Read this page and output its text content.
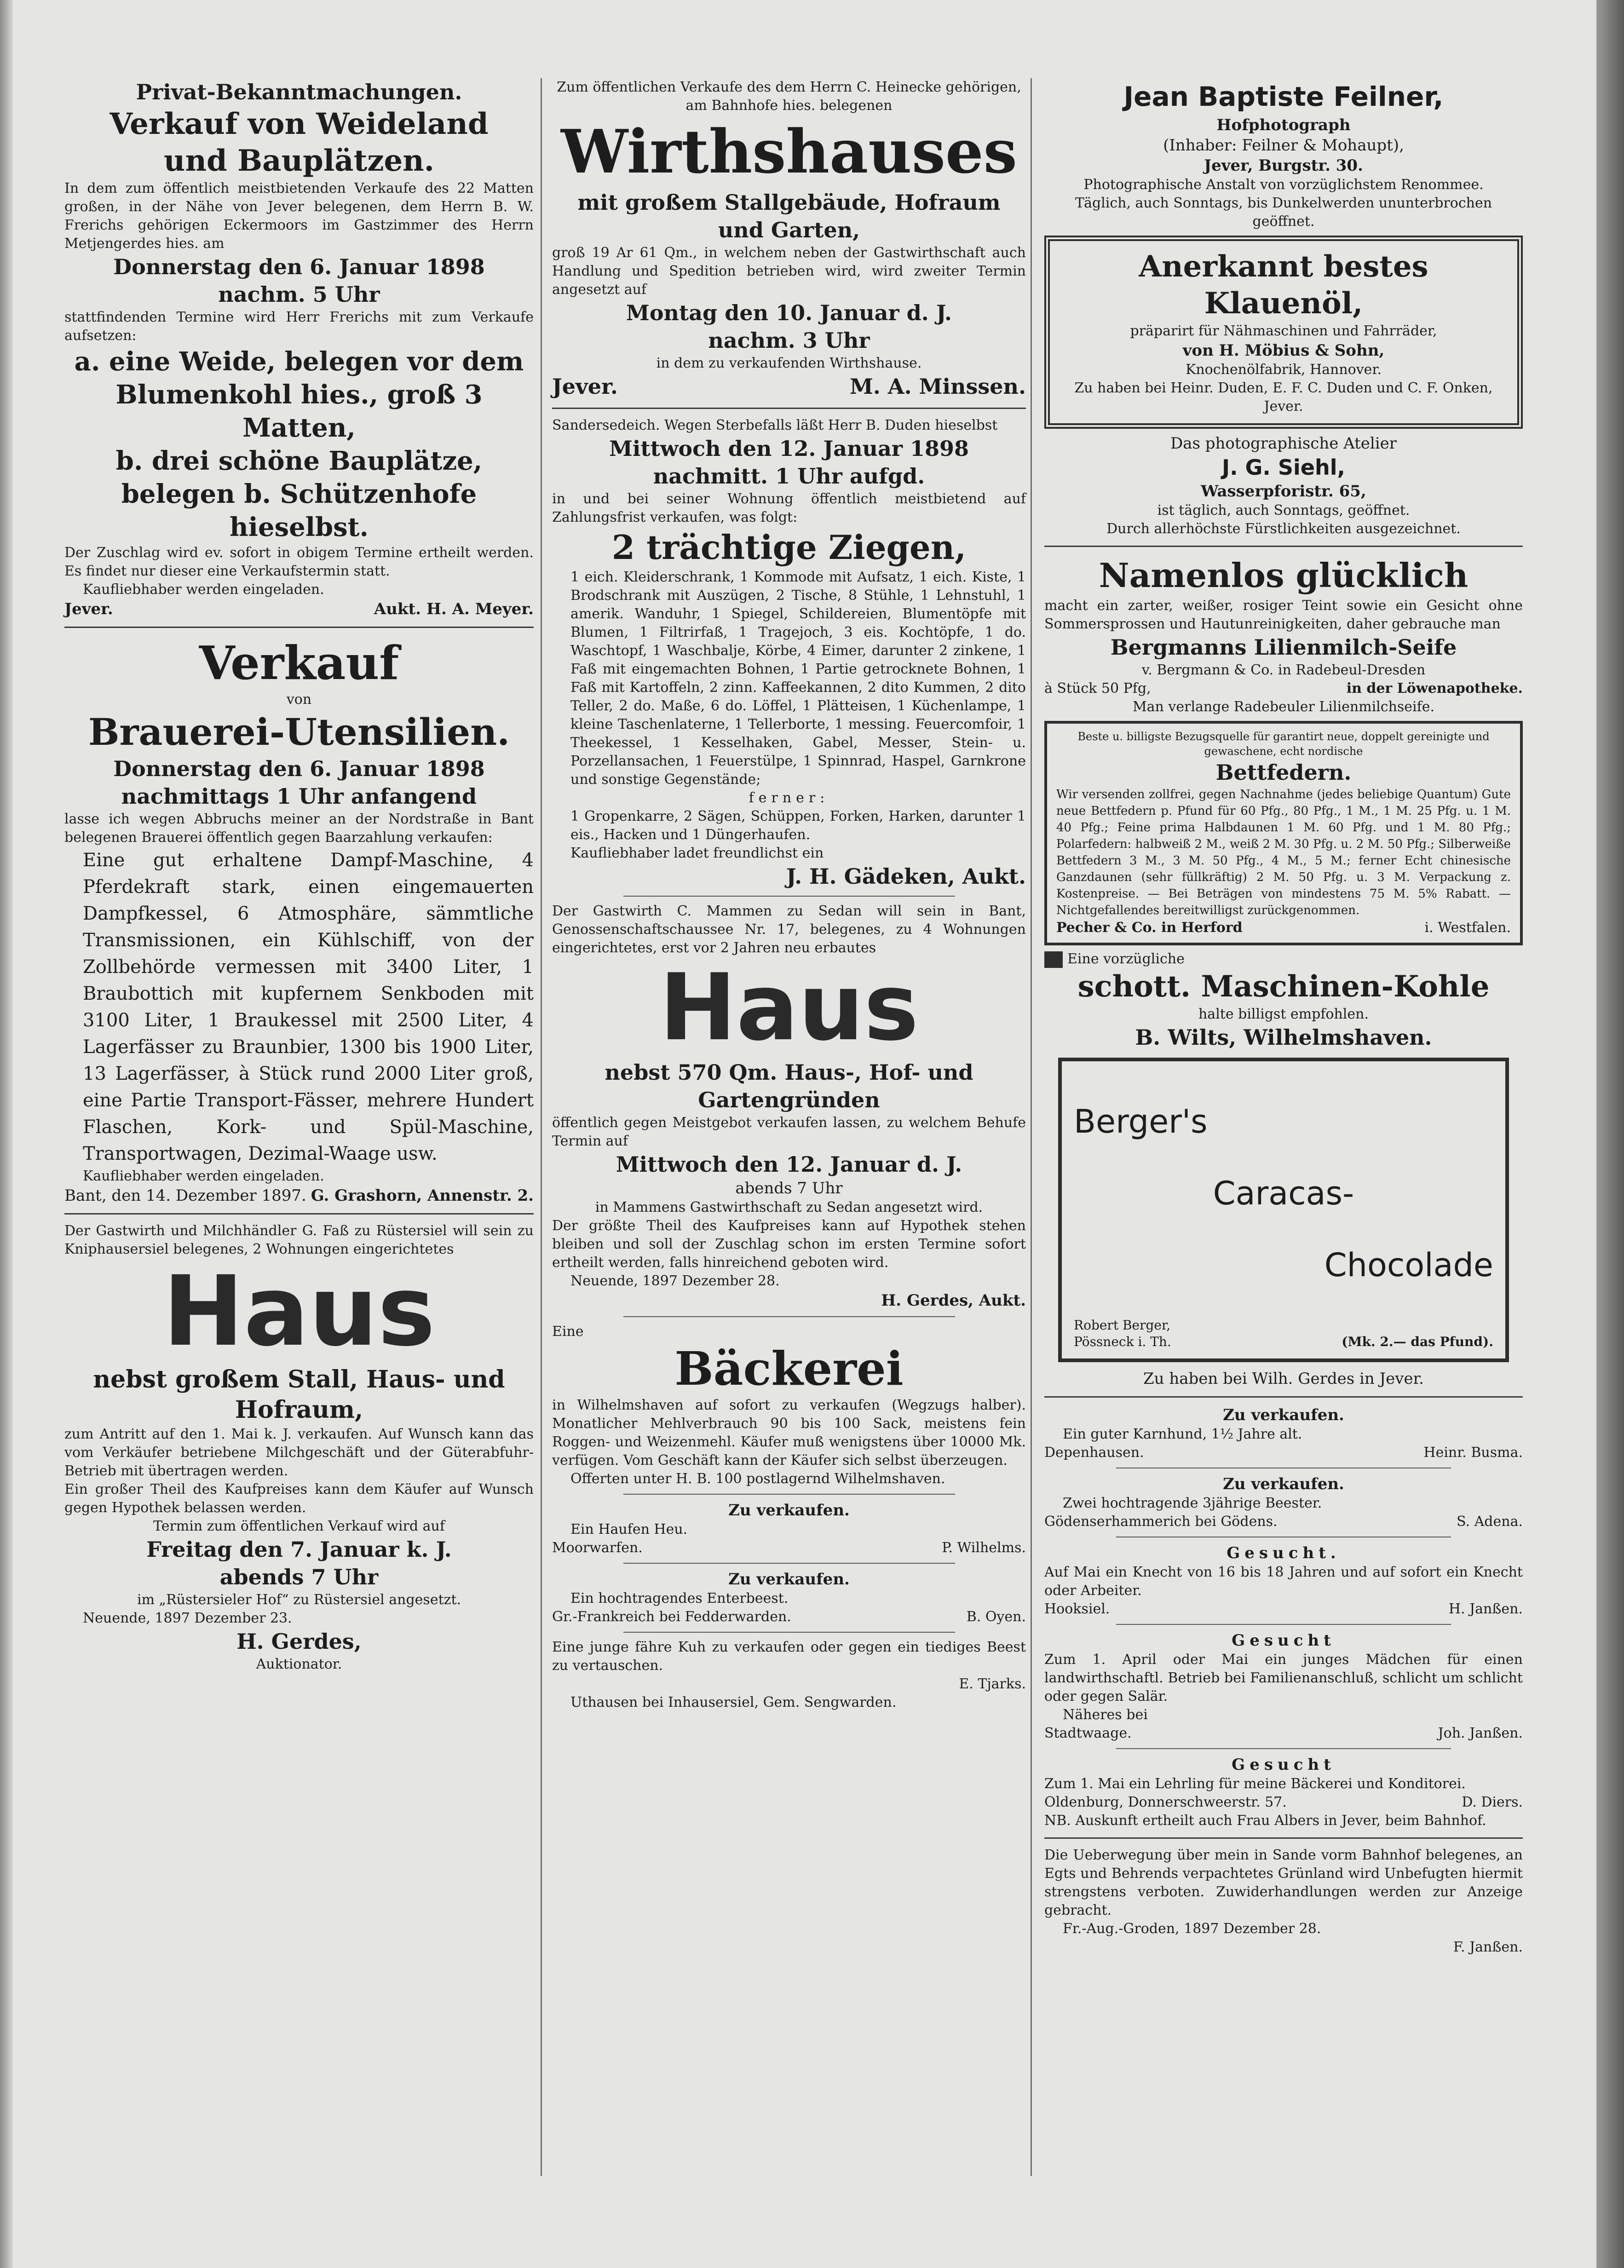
Privat-Bekanntmachungen.

Verkauf von Weideland

und Bauplätzen.

In dem zum öffentlich meistbietenden Verkaufe des 22 Matten großen, in der Nähe von Jever belegenen, dem Herrn B. W. Frerichs gehörigen Eckermoors im Gastzimmer des Herrn Metjengerdes hies. am

Donnerstag den 6. Januar 1898

nachm. 5 Uhr

stattfindenden Termine wird Herr Frerichs mit zum Verkaufe aufsetzen:

a. eine Weide, belegen vor dem Blumenkohl hies., groß 3 Matten,

b. drei schöne Bauplätze, belegen b. Schützenhofe hieselbst.

Der Zuschlag wird ev. sofort in obigem Termine ertheilt werden. Es findet nur dieser eine Verkaufstermin statt.

Kaufliebhaber werden eingeladen.

Jever.	Aukt. H. A. Meyer.

Verkauf

von

Brauerei-Utensilien.

Donnerstag den 6. Januar 1898

nachmittags 1 Uhr anfangend

lasse ich wegen Abbruchs meiner an der Nordstraße in Bant belegenen Brauerei öffentlich gegen Baarzahlung verkaufen:

Eine gut erhaltene Dampf-Maschine, 4 Pferdekraft stark, einen eingemauerten Dampfkessel, 6 Atmosphäre, sämmtliche Transmissionen, ein Kühlschiff, von der Zollbehörde vermessen mit 3400 Liter, 1 Braubottich mit kupfernem Senkboden mit 3100 Liter, 1 Braukessel mit 2500 Liter, 4 Lagerfässer zu Braunbier, 1300 bis 1900 Liter, 13 Lagerfässer, à Stück rund 2000 Liter groß, eine Partie Transport-Fässer, mehrere Hundert Flaschen, Kork- und Spül-Maschine, Transportwagen, Dezimal-Waage usw.

Kaufliebhaber werden eingeladen.

Bant, den 14. Dezember 1897. G. Grashorn, Annenstr. 2.

Der Gastwirth und Milchhändler G. Faß zu Rüstersiel will sein zu Kniphausersiel belegenes, 2 Wohnungen eingerichtetes

Haus

nebst großem Stall, Haus- und

Hofraum,

zum Antritt auf den 1. Mai k. J. verkaufen. Auf Wunsch kann das vom Verkäufer betriebene Milchgeschäft und der Güterabfuhr-Betrieb mit übertragen werden.

Ein großer Theil des Kaufpreises kann dem Käufer auf Wunsch gegen Hypothek belassen werden.

Termin zum öffentlichen Verkauf wird auf

Freitag den 7. Januar k. J.

abends 7 Uhr

im „Rüstersieler Hof“ zu Rüstersiel angesetzt.

Neuende, 1897 Dezember 23.

H. Gerdes,

Auktionator.

Zum öffentlichen Verkaufe des dem Herrn C. Heinecke gehörigen, am Bahnhofe hies. belegenen

Wirthshauses

mit großem Stallgebäude, Hofraum und Garten,

groß 19 Ar 61 Qm., in welchem neben der Gastwirthschaft auch Handlung und Spedition betrieben wird, wird zweiter Termin angesetzt auf

Montag den 10. Januar d. J.

nachm. 3 Uhr

in dem zu verkaufenden Wirthshause.

Jever.	M. A. Minssen.

Sandersedeich. Wegen Sterbefalls läßt Herr B. Duden hieselbst

Mittwoch den 12. Januar 1898

nachmitt. 1 Uhr aufgd.

in und bei seiner Wohnung öffentlich meistbietend auf Zahlungsfrist verkaufen, was folgt:

2 trächtige Ziegen,

1 eich. Kleiderschrank, 1 Kommode mit Aufsatz, 1 eich. Kiste, 1 Brodschrank mit Auszügen, 2 Tische, 8 Stühle, 1 Lehnstuhl, 1 amerik. Wanduhr, 1 Spiegel, Schildereien, Blumentöpfe mit Blumen, 1 Filtrirfaß, 1 Tragejoch, 3 eis. Kochtöpfe, 1 do. Waschtopf, 1 Waschbalje, Körbe, 4 Eimer, darunter 2 zinkene, 1 Faß mit eingemachten Bohnen, 1 Partie getrocknete Bohnen, 1 Faß mit Kartoffeln, 2 zinn. Kaffeekannen, 2 dito Kummen, 2 dito Teller, 2 do. Maße, 6 do. Löffel, 1 Plätteisen, 1 Küchenlampe, 1 kleine Taschenlaterne, 1 Tellerborte, 1 messing. Feuercomfoir, 1 Theekessel, 1 Kesselhaken, Gabel, Messer, Stein- u. Porzellansachen, 1 Feuerstülpe, 1 Spinnrad, Haspel, Garnkrone und sonstige Gegenstände;

ferner:

1 Gropenkarre, 2 Sägen, Schüppen, Forken, Harken, darunter 1 eis., Hacken und 1 Düngerhaufen.

Kaufliebhaber ladet freundlichst ein

J. H. Gädeken, Aukt.

Der Gastwirth C. Mammen zu Sedan will sein in Bant, Genossenschaftschaussee Nr. 17, belegenes, zu 4 Wohnungen eingerichtetes, erst vor 2 Jahren neu erbautes

Haus

nebst 570 Qm. Haus-, Hof- und Gartengründen

öffentlich gegen Meistgebot verkaufen lassen, zu welchem Behufe Termin auf

Mittwoch den 12. Januar d. J.

abends 7 Uhr

in Mammens Gastwirthschaft zu Sedan angesetzt wird.

Der größte Theil des Kaufpreises kann auf Hypothek stehen bleiben und soll der Zuschlag schon im ersten Termine sofort ertheilt werden, falls hinreichend geboten wird.

Neuende, 1897 Dezember 28.

H. Gerdes, Aukt.

Eine

Bäckerei

in Wilhelmshaven auf sofort zu verkaufen (Wegzugs halber). Monatlicher Mehlverbrauch 90 bis 100 Sack, meistens fein Roggen- und Weizenmehl. Käufer muß wenigstens über 10000 Mk. verfügen. Vom Geschäft kann der Käufer sich selbst überzeugen.

Offerten unter H. B. 100 postlagernd Wilhelmshaven.

Zu verkaufen.

Ein Haufen Heu.

Moorwarfen.	P. Wilhelms.

Zu verkaufen.

Ein hochtragendes Enterbeest.

Gr.-Frankreich bei Fedderwarden.	B. Oyen.

Eine junge fähre Kuh zu verkaufen oder gegen ein tiediges Beest zu vertauschen.

E. Tjarks.

Uthausen bei Inhausersiel, Gem. Sengwarden.

Jean Baptiste Feilner,

Hofphotograph

(Inhaber: Feilner & Mohaupt),

Jever, Burgstr. 30.

Photographische Anstalt von vorzüglichstem Renommee.

Täglich, auch Sonntags, bis Dunkelwerden ununterbrochen geöffnet.

Anerkannt bestes Klauenöl,

präparirt für Nähmaschinen und Fahrräder,

von H. Möbius & Sohn,

Knochenölfabrik, Hannover.

Zu haben bei Heinr. Duden, E. F. C. Duden und C. F. Onken, Jever.

Das photographische Atelier

J. G. Siehl,

Wasserpforistr. 65,

ist täglich, auch Sonntags, geöffnet.

Durch allerhöchste Fürstlichkeiten ausgezeichnet.

Namenlos glücklich

macht ein zarter, weißer, rosiger Teint sowie ein Gesicht ohne Sommersprossen und Hautunreinigkeiten, daher gebrauche man

Bergmanns Lilienmilch-Seife

v. Bergmann & Co. in Radebeul-Dresden

à Stück 50 Pfg,	in der Löwenapotheke.

Man verlange Radebeuler Lilienmilchseife.

Beste u. billigste Bezugsquelle für garantirt neue, doppelt gereinigte und gewaschene, echt nordische

Bettfedern.

Wir versenden zollfrei, gegen Nachnahme (jedes beliebige Quantum) Gute neue Bettfedern p. Pfund für 60 Pfg., 80 Pfg., 1 M., 1 M. 25 Pfg. u. 1 M. 40 Pfg.; Feine prima Halbdaunen 1 M. 60 Pfg. und 1 M. 80 Pfg.; Polarfedern: halbweiß 2 M., weiß 2 M. 30 Pfg. u. 2 M. 50 Pfg.; Silberweiße Bettfedern 3 M., 3 M. 50 Pfg., 4 M., 5 M.; ferner Echt chinesische Ganzdaunen (sehr füllkräftig) 2 M. 50 Pfg. u. 3 M. Verpackung z. Kostenpreise. — Bei Beträgen von mindestens 75 M. 5% Rabatt. — Nichtgefallendes bereitwilligst zurückgenommen.

Pecher & Co. in Herford	i. Westfalen.

Eine vorzügliche

schott. Maschinen-Kohle

halte billigst empfohlen.

B. Wilts, Wilhelmshaven.

Berger's

Caracas-

Chocolade

Robert Berger,
Pössneck i. Th.	(Mk. 2.— das Pfund).

Zu haben bei Wilh. Gerdes in Jever.

Zu verkaufen.

Ein guter Karnhund, 1½ Jahre alt.

Depenhausen.	Heinr. Busma.

Zu verkaufen.

Zwei hochtragende 3jährige Beester.

Gödenserhammerich bei Gödens.	S. Adena.

Gesucht.

Auf Mai ein Knecht von 16 bis 18 Jahren und auf sofort ein Knecht oder Arbeiter.

Hooksiel.	H. Janßen.

Gesucht

Zum 1. April oder Mai ein junges Mädchen für einen landwirthschaftl. Betrieb bei Familienanschluß, schlicht um schlicht oder gegen Salär.

Näheres bei

Stadtwaage.	Joh. Janßen.

Gesucht

Zum 1. Mai ein Lehrling für meine Bäckerei und Konditorei.

Oldenburg, Donnerschweerstr. 57.	D. Diers.

NB. Auskunft ertheilt auch Frau Albers in Jever, beim Bahnhof.

Die Ueberwegung über mein in Sande vorm Bahnhof belegenes, an Egts und Behrends verpachtetes Grünland wird Unbefugten hiermit strengstens verboten. Zuwiderhandlungen werden zur Anzeige gebracht.

Fr.-Aug.-Groden, 1897 Dezember 28.

F. Janßen.
